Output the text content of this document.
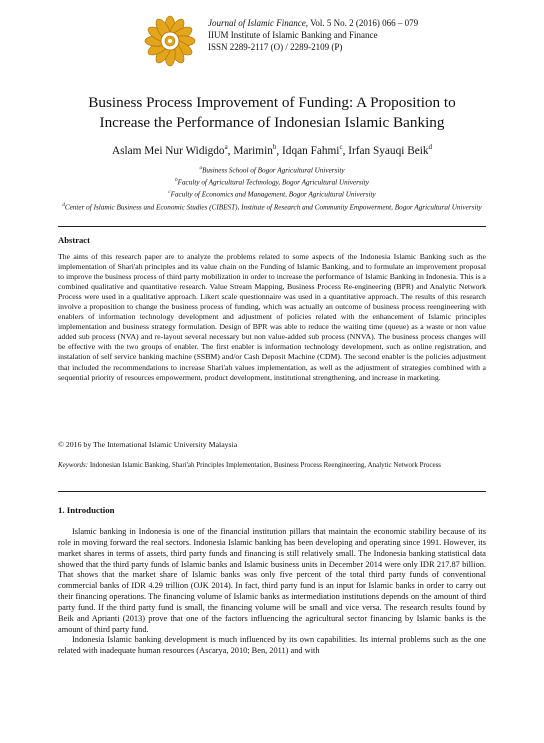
Journal of Islamic Finance, Vol. 5 No. 2 (2016) 066 – 079
IIUM Institute of Islamic Banking and Finance
ISSN 2289-2117 (O) / 2289-2109 (P)
Business Process Improvement of Funding: A Proposition to
Increase the Performance of Indonesian Islamic Banking
Aslam Mei Nur Widigdo$^a$, Marimin$^b$, Idqan Fahmi$^c$, Irfan Syauqi Beik$^d$
$^a$Business School of Bogor Agricultural University
$^b$Faculty of Agricultural Technology, Bogor Agricultural University
$^c$Faculty of Economics and Management, Bogor Agricultural University
$^d$Center of Islamic Business and Economic Studies (CIBEST), Institute of Research and Community Empowerment, Bogor Agricultural University
Abstract
The aims of this research paper are to analyze the problems related to some aspects of the Indonesia Islamic Banking such as the implementation of Shari'ah principles and its value chain on the Funding of Islamic Banking, and to formulate an improvement proposal to improve the business process of third party mobilization in order to increase the performance of Islamic Banking in Indonesia. This is a combined qualitative and quantitative research. Value Stream Mapping, Business Process Re-engineering (BPR) and Analytic Network Process were used in a qualitative approach. Likert scale questionnaire was used in a quantitative approach. The results of this research involve a proposition to change the business process of funding, which was actually an outcome of business process reengineering with enablers of information technology development and adjustment of policies related with the enhancement of Islamic principles implementation and business strategy formulation. Design of BPR was able to reduce the waiting time (queue) as a waste or non value added sub process (NVA) and re-layout several necessary but non value-added sub process (NNVA). The business process changes will be effective with the two groups of enabler. The first enabler is information technology development, such as online registration, and instalation of self service banking machine (SSBM) and/or Cash Deposit Machine (CDM). The second enabler is the policies adjustment that included the recommendations to increase Shari'ah values implementation, as well as the adjustment of strategies combined with a sequential priority of resources empowerment, product development, institutional strengthening, and increase in marketing.
© 2016 by The International Islamic University Malaysia
Keywords: Indonesian Islamic Banking, Shari'ah Principles Implementation, Business Process Reengineering, Analytic Network Process
1. Introduction

Islamic banking in Indonesia is one of the financial institution pillars that maintain the economic stability because of its role in moving forward the real sectors. Indonesia Islamic banking has been developing and operating since 1991. However, its market shares in terms of assets, third party funds and financing is still relatively small. The Indonesia banking statistical data showed that the third party funds of Islamic banks and Islamic business units in December 2014 were only IDR 217.87 billion. That shows that the market share of Islamic banks was only five percent of the total third party funds of conventional commercial banks of IDR 4.29 trillion (OJK 2014). In fact, third party fund is an input for Islamic banks in order to carry out their financing operations. The financing volume of Islamic banks as intermediation institutions depends on the amount of third party fund. If the third party fund is small, the financing volume will be small and vice versa. The research results found by Beik and Aprianti (2013) prove that one of the factors influencing the agricultural sector financing by Islamic banks is the amount of third party fund.

Indonesia Islamic banking development is much influenced by its own capabilities. Its internal problems such as the one related with inadequate human resources (Ascarya, 2010; Ben, 2011) and with
